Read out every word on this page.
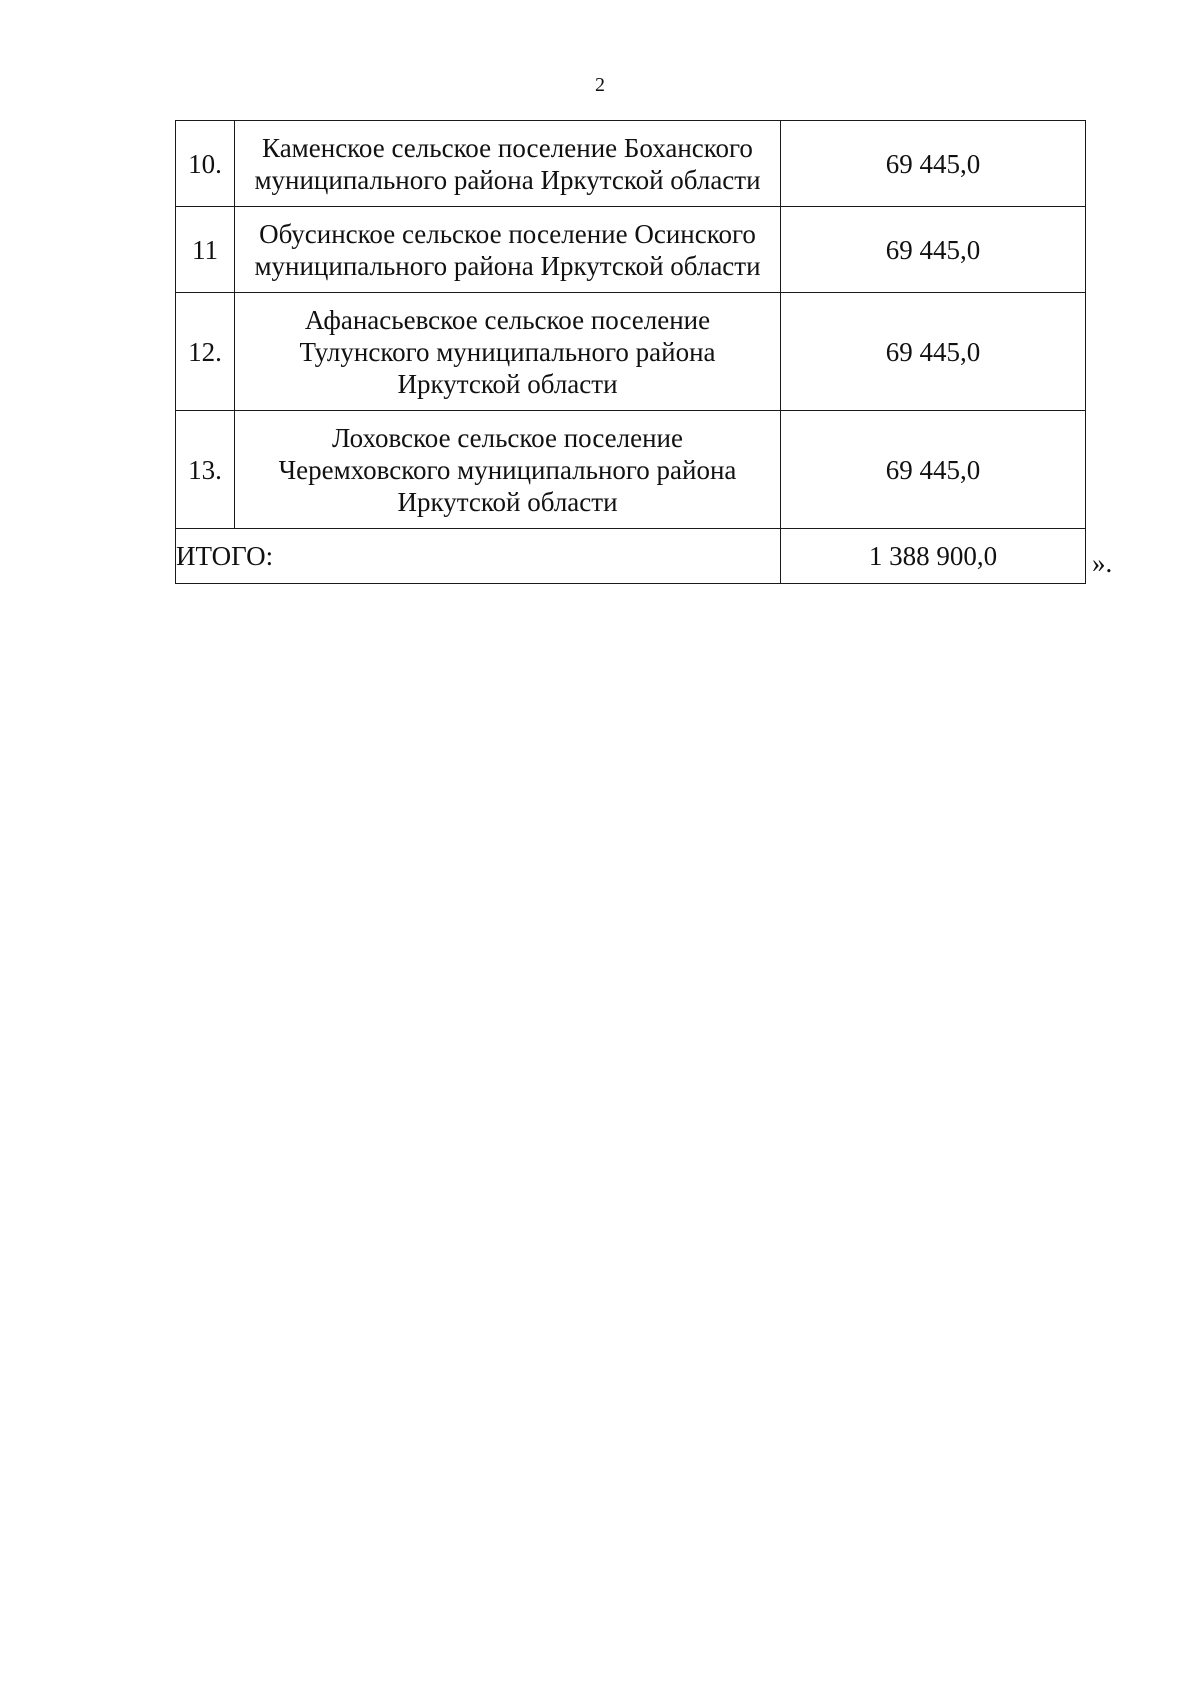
2
10.	Каменское сельское поселение Боханского
муниципального района Иркутской области	69 445,0
11	Обусинское сельское поселение Осинского
муниципального района Иркутской области	69 445,0
12.	Афанасьевское сельское поселение
Тулунского муниципального района
Иркутской области	69 445,0
13.	Лоховское сельское поселение
Черемховского муниципального района
Иркутской области	69 445,0
ИТОГО:		1 388 900,0	».
